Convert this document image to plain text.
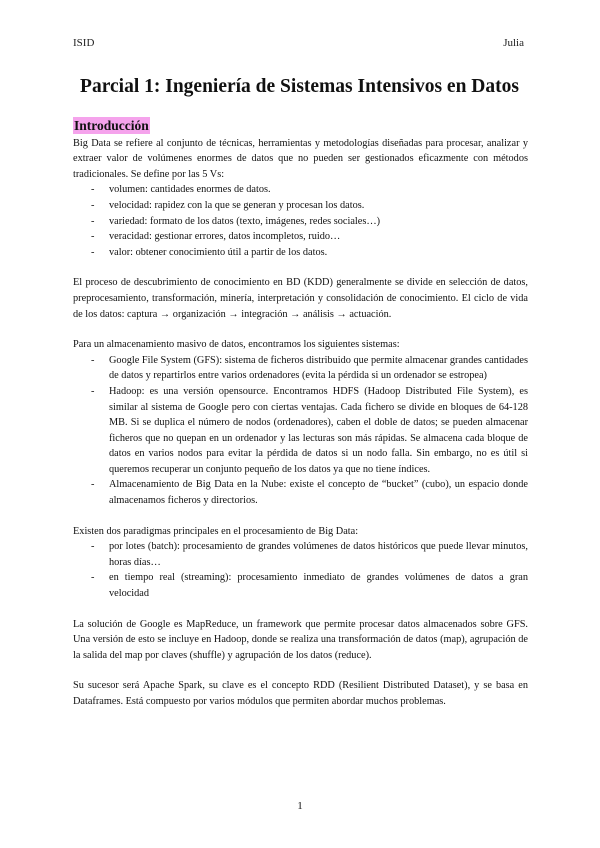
ISID	Julia
Parcial 1: Ingeniería de Sistemas Intensivos en Datos
Introducción

Big Data se refiere al conjunto de técnicas, herramientas y metodologías diseñadas para procesar, analizar y extraer valor de volúmenes enormes de datos que no pueden ser gestionados eficazmente con métodos tradicionales. Se define por las 5 Vs:

- volumen: cantidades enormes de datos.
- velocidad: rapidez con la que se generan y procesan los datos.
- variedad: formato de los datos (texto, imágenes, redes sociales…)
- veracidad: gestionar errores, datos incompletos, ruido…
- valor: obtener conocimiento útil a partir de los datos.

El proceso de descubrimiento de conocimiento en BD (KDD) generalmente se divide en selección de datos, preprocesamiento, transformación, minería, interpretación y consolidación de conocimiento. El ciclo de vida de los datos: captura → organización → integración → análisis → actuación.

Para un almacenamiento masivo de datos, encontramos los siguientes sistemas:
- Google File System (GFS): sistema de ficheros distribuido que permite almacenar grandes cantidades de datos y repartirlos entre varios ordenadores (evita la pérdida si un ordenador se estropea)
- Hadoop: es una versión opensource. Encontramos HDFS (Hadoop Distributed File System), es similar al sistema de Google pero con ciertas ventajas. Cada fichero se divide en bloques de 64-128 MB. Si se duplica el número de nodos (ordenadores), caben el doble de datos; se pueden almacenar ficheros que no quepan en un ordenador y las lecturas son más rápidas. Se almacena cada bloque de datos en varios nodos para evitar la pérdida de datos si un nodo falla. Sin embargo, no es útil si queremos recuperar un conjunto pequeño de los datos ya que no tiene índices.
- Almacenamiento de Big Data en la Nube: existe el concepto de “bucket” (cubo), un espacio donde almacenamos ficheros y directorios.
Existen dos paradigmas principales en el procesamiento de Big Data:
- por lotes (batch): procesamiento de grandes volúmenes de datos históricos que puede llevar minutos, horas días…
- en tiempo real (streaming): procesamiento inmediato de grandes volúmenes de datos a gran velocidad

La solución de Google es MapReduce, un framework que permite procesar datos almacenados sobre GFS. Una versión de esto se incluye en Hadoop, donde se realiza una transformación de datos (map), agrupación de la salida del map por claves (shuffle) y agrupación de los datos (reduce).

Su sucesor será Apache Spark, su clave es el concepto RDD (Resilient Distributed Dataset), y se basa en Dataframes. Está compuesto por varios módulos que permiten abordar muchos problemas.

1
